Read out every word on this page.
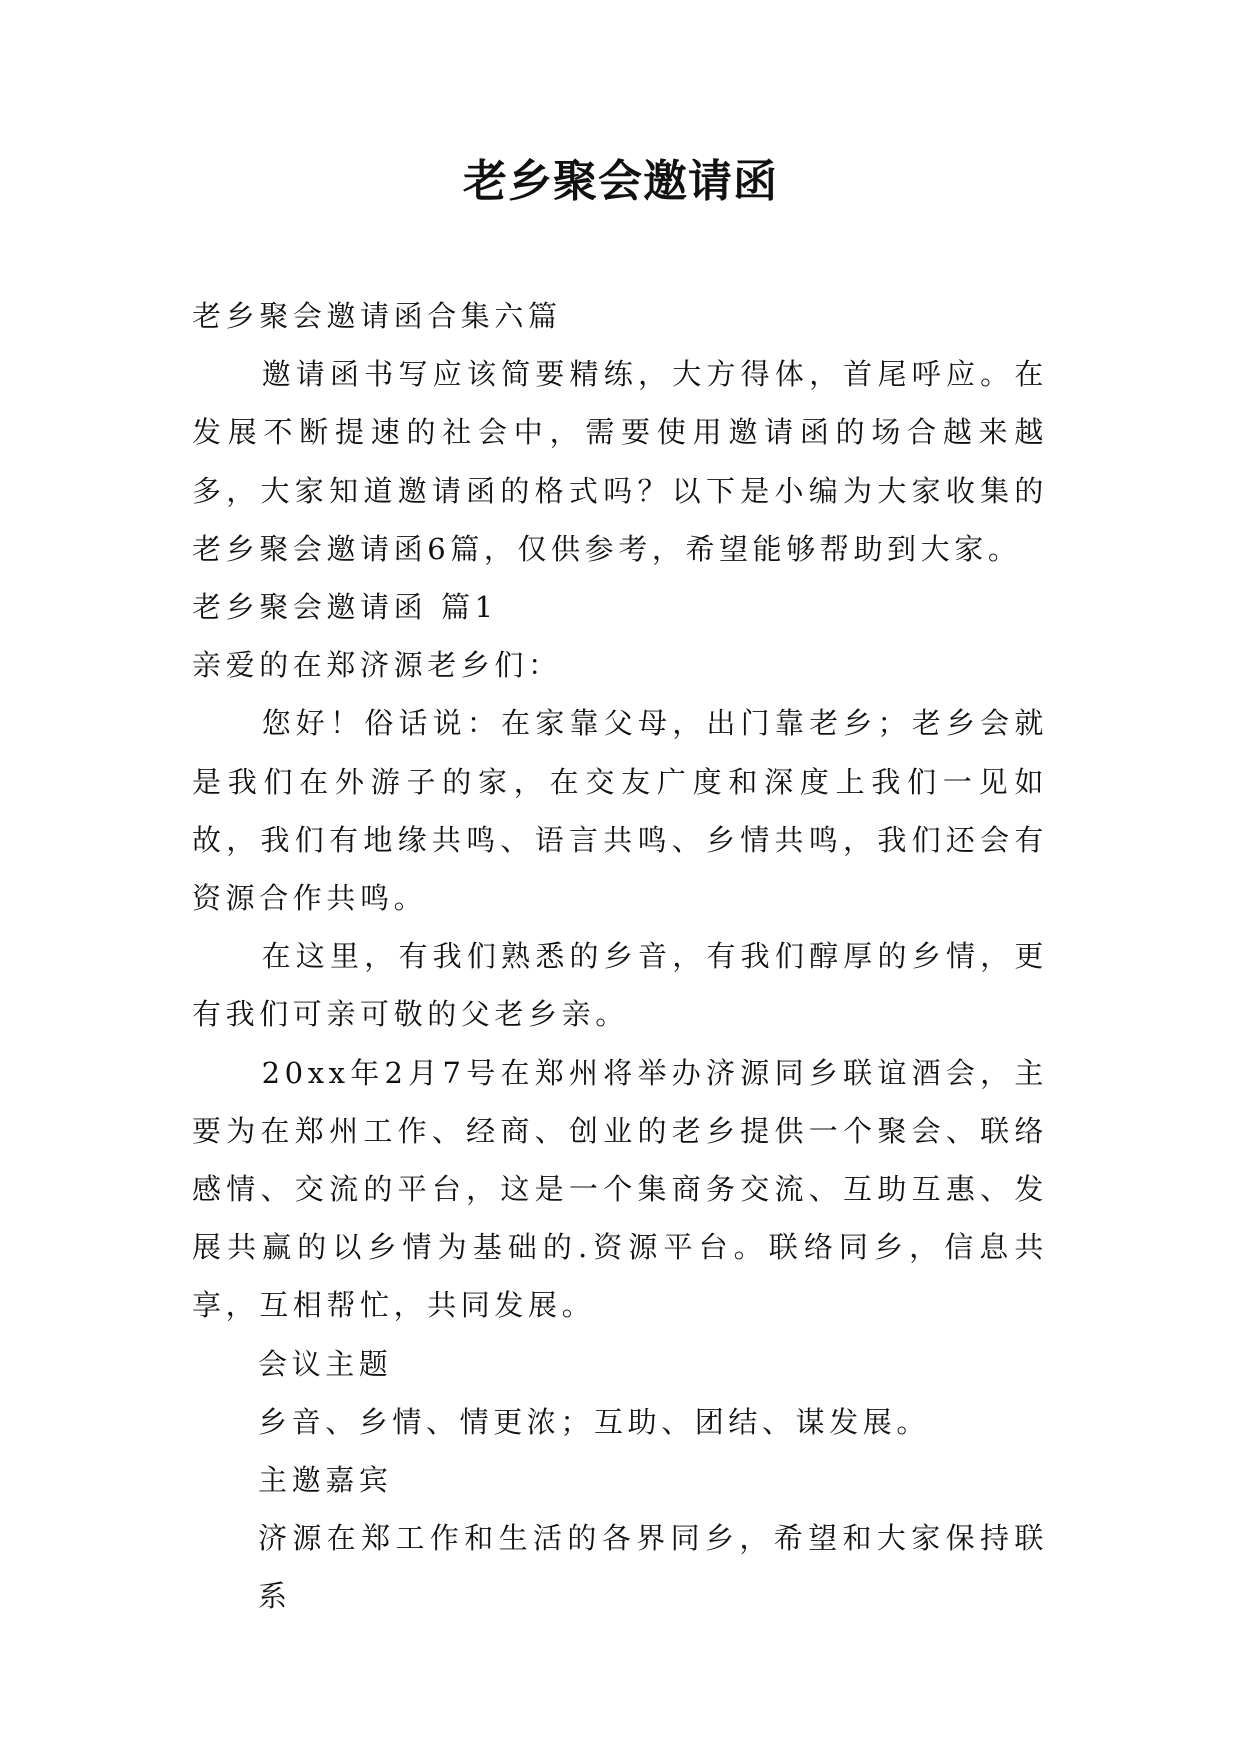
老乡聚会邀请函

老乡聚会邀请函合集六篇

邀请函书写应该简要精练，大方得体，首尾呼应。在发展不断提速的社会中，需要使用邀请函的场合越来越多，大家知道邀请函的格式吗？以下是小编为大家收集的老乡聚会邀请函6篇，仅供参考，希望能够帮助到大家。

老乡聚会邀请函 篇1

亲爱的在郑济源老乡们：

您好！俗话说：在家靠父母，出门靠老乡；老乡会就是我们在外游子的家，在交友广度和深度上我们一见如故，我们有地缘共鸣、语言共鸣、乡情共鸣，我们还会有资源合作共鸣。

在这里，有我们熟悉的乡音，有我们醇厚的乡情，更有我们可亲可敬的父老乡亲。

20xx年2月7号在郑州将举办济源同乡联谊酒会，主要为在郑州工作、经商、创业的老乡提供一个聚会、联络感情、交流的平台，这是一个集商务交流、互助互惠、发展共赢的以乡情为基础的.资源平台。联络同乡，信息共享，互相帮忙，共同发展。

会议主题

乡音、乡情、情更浓；互助、团结、谋发展。

主邀嘉宾

济源在郑工作和生活的各界同乡，希望和大家保持联系
